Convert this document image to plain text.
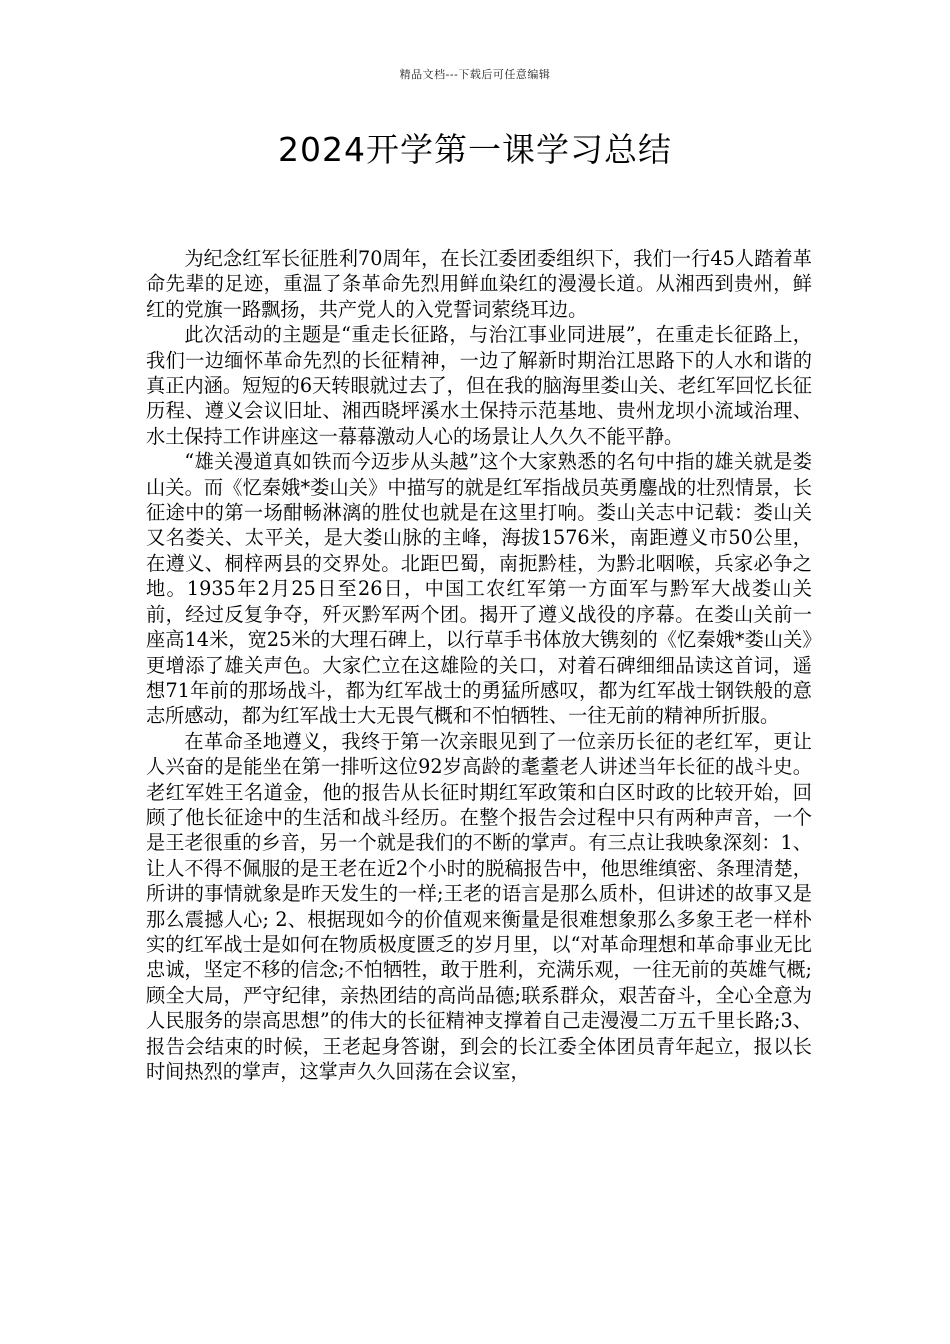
精品文档---下载后可任意编辑
2024开学第一课学习总结

为纪念红军长征胜利70周年，在长江委团委组织下，我们一行45人踏着革命先辈的足迹，重温了条革命先烈用鲜血染红的漫漫长道。从湘西到贵州，鲜红的党旗一路飘扬，共产党人的入党誓词萦绕耳边。

此次活动的主题是“重走长征路，与治江事业同进展”，在重走长征路上，我们一边缅怀革命先烈的长征精神，一边了解新时期治江思路下的人水和谐的真正内涵。短短的6天转眼就过去了，但在我的脑海里娄山关、老红军回忆长征历程、遵义会议旧址、湘西晓坪溪水土保持示范基地、贵州龙坝小流域治理、水土保持工作讲座这一幕幕激动人心的场景让人久久不能平静。

“雄关漫道真如铁而今迈步从头越”这个大家熟悉的名句中指的雄关就是娄山关。而《忆秦娥*娄山关》中描写的就是红军指战员英勇鏖战的壮烈情景，长征途中的第一场酣畅淋漓的胜仗也就是在这里打响。娄山关志中记载：娄山关又名娄关、太平关，是大娄山脉的主峰，海拔1576米，南距遵义市50公里，在遵义、桐梓两县的交界处。北距巴蜀，南扼黔桂，为黔北咽喉，兵家必争之地。1935年2月25日至26日，中国工农红军第一方面军与黔军大战娄山关前，经过反复争夺，歼灭黔军两个团。揭开了遵义战役的序幕。在娄山关前一座高14米，宽25米的大理石碑上，以行草手书体放大镌刻的《忆秦娥*娄山关》更增添了雄关声色。大家伫立在这雄险的关口，对着石碑细细品读这首词，遥想71年前的那场战斗，都为红军战士的勇猛所感叹，都为红军战士钢铁般的意志所感动，都为红军战士大无畏气概和不怕牺牲、一往无前的精神所折服。

在革命圣地遵义，我终于第一次亲眼见到了一位亲历长征的老红军，更让人兴奋的是能坐在第一排听这位92岁高龄的耄耋老人讲述当年长征的战斗史。老红军姓王名道金，他的报告从长征时期红军政策和白区时政的比较开始，回顾了他长征途中的生活和战斗经历。在整个报告会过程中只有两种声音，一个是王老很重的乡音，另一个就是我们的不断的掌声。有三点让我映象深刻：1、让人不得不佩服的是王老在近2个小时的脱稿报告中，他思维缜密、条理清楚，所讲的事情就象是昨天发生的一样;王老的语言是那么质朴，但讲述的故事又是那么震撼人心; 2、根据现如今的价值观来衡量是很难想象那么多象王老一样朴实的红军战士是如何在物质极度匮乏的岁月里，以“对革命理想和革命事业无比忠诚，坚定不移的信念;不怕牺牲，敢于胜利，充满乐观，一往无前的英雄气概;顾全大局，严守纪律，亲热团结的高尚品德;联系群众，艰苦奋斗，全心全意为人民服务的崇高思想”的伟大的长征精神支撑着自己走漫漫二万五千里长路;3、报告会结束的时候，王老起身答谢，到会的长江委全体团员青年起立，报以长时间热烈的掌声，这掌声久久回荡在会议室，
